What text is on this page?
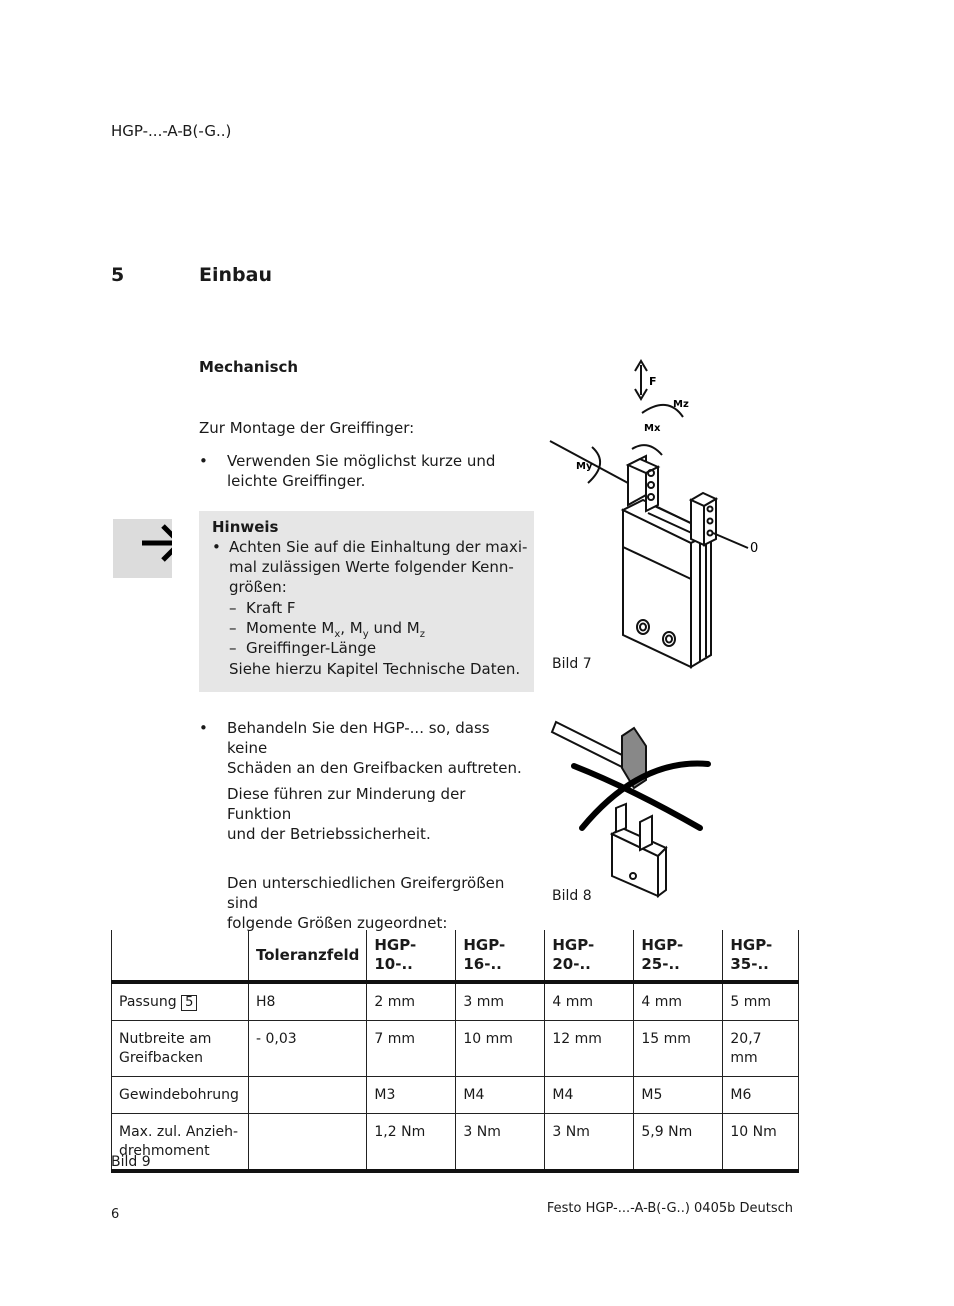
HGP-...-A-B(-G..)
5	Einbau
Mechanisch
Zur Montage der Greiffinger:
• Verwenden Sie möglichst kurze und
leichte Greiffinger.
Hinweis
• Achten Sie auf die Einhaltung der maxi-
mal zulässigen Werte folgender Kenn-
größen:
–  Kraft F
–  Momente $M_x$, $M_y$ und $M_z$
–  Greiffinger-Länge
Siehe hierzu Kapitel Technische Daten.
F
Mz
Mx
My
0
Bild 7
• Behandeln Sie den HGP-... so, dass keine
Schäden an den Greifbacken auftreten.
Diese führen zur Minderung der Funktion
und der Betriebssicherheit.
Bild 8
Den unterschiedlichen Greifergrößen sind
folgende Größen zugeordnet:
	Toleranzfeld	HGP-10-..	HGP-16-..	HGP-20-..	HGP-25-..	HGP-35-..
Passung 5	H8	2 mm	3 mm	4 mm	4 mm	5 mm

Nutbreite am
Greifbacken	- 0,03	7 mm	10 mm	12 mm	15 mm	20,7 mm
Gewindebohrung		M3	M4	M4	M5	M6

Max. zul. Anzieh-
drehmoment		1,2 Nm	3 Nm	3 Nm	5,9 Nm	10 Nm
Bild 9
6	Festo HGP-...-A-B(-G..) 0405b Deutsch
